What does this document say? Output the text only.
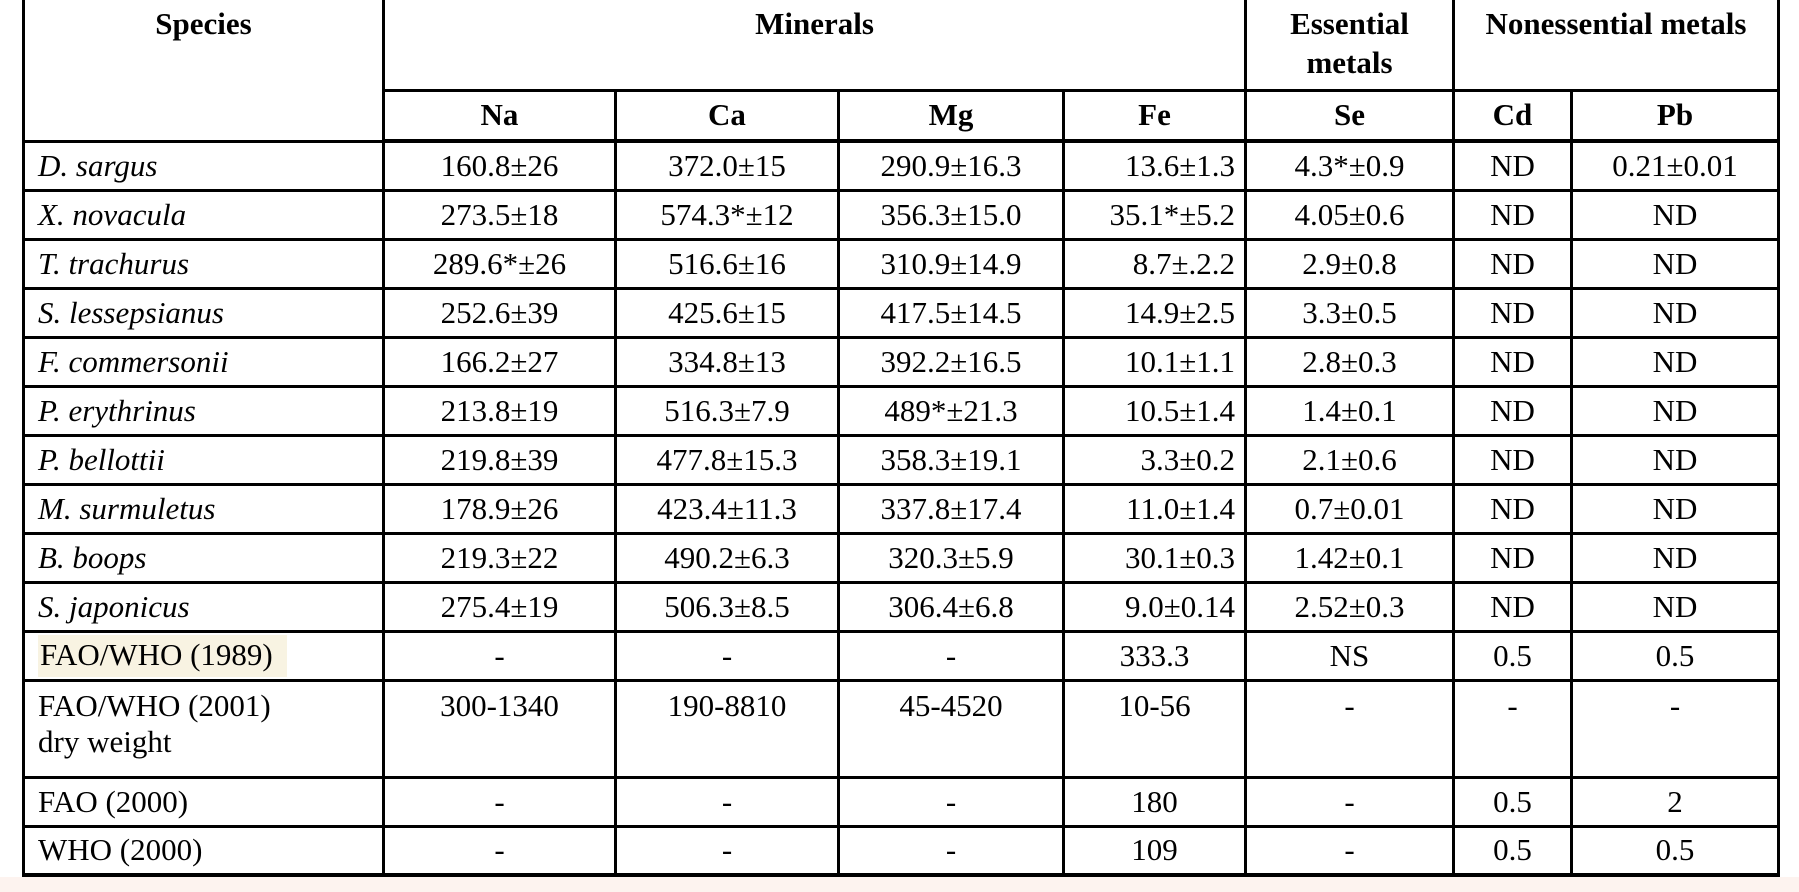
Species	Minerals				Essential metals	Nonessential metals	
	Na	Ca	Mg	Fe	Se	Cd	Pb
D. sargus	160.8±26	372.0±15	290.9±16.3	13.6±1.3	4.3*±0.9	ND	0.21±0.01
X. novacula	273.5±18	574.3*±12	356.3±15.0	35.1*±5.2	4.05±0.6	ND	ND
T. trachurus	289.6*±26	516.6±16	310.9±14.9	8.7±.2.2	2.9±0.8	ND	ND
S. lessepsianus	252.6±39	425.6±15	417.5±14.5	14.9±2.5	3.3±0.5	ND	ND
F. commersonii	166.2±27	334.8±13	392.2±16.5	10.1±1.1	2.8±0.3	ND	ND
P. erythrinus	213.8±19	516.3±7.9	489*±21.3	10.5±1.4	1.4±0.1	ND	ND
P. bellottii	219.8±39	477.8±15.3	358.3±19.1	3.3±0.2	2.1±0.6	ND	ND
M. surmuletus	178.9±26	423.4±11.3	337.8±17.4	11.0±1.4	0.7±0.01	ND	ND
B. boops	219.3±22	490.2±6.3	320.3±5.9	30.1±0.3	1.42±0.1	ND	ND
S. japonicus	275.4±19	506.3±8.5	306.4±6.8	9.0±0.14	2.52±0.3	ND	ND
FAO/WHO (1989)	-	-	-	333.3	NS	0.5	0.5
FAO/WHO (2001)
dry weight	300-1340	190-8810	45-4520	10-56	-	-	-
FAO (2000)	-	-	-	180	-	0.5	2
WHO (2000)	-	-	-	109	-	0.5	0.5
